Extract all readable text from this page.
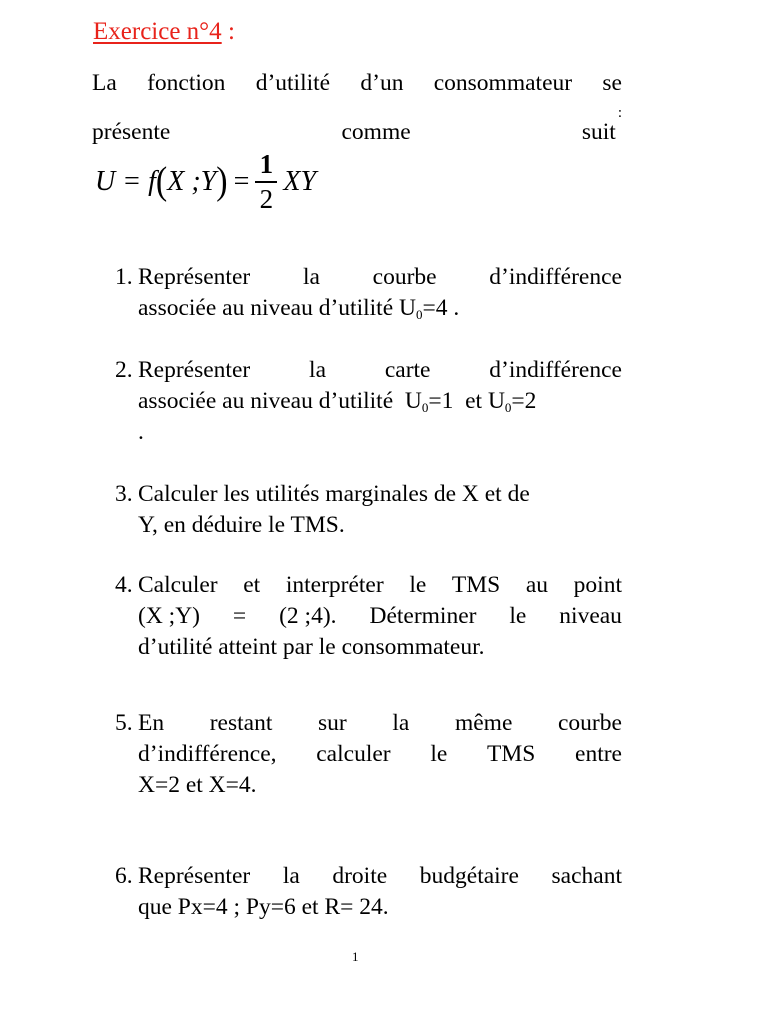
Exercice n°4 :
La fonction d’utilité d’un consommateur se
présente	comme	suit:
U = f ( X ;Y ) = $\frac{1}{2}$ XY
1. Représenter la courbe d’indifférence
associée au niveau d’utilité $U_0=4$ .
2. Représenter	la	carte	d’indifférence
associée au niveau d’utilité  $U_0=1$  et $U_0=2$
.
3. Calculer les utilités marginales de X et de
Y, en déduire le TMS.
4. Calculer et interpréter le TMS au point
(X ;Y) = (2 ;4). Déterminer le niveau
d’utilité atteint par le consommateur.
5. En restant sur la même courbe
d’indifférence, calculer le TMS entre
X=2 et X=4.
6. Représenter la droite budgétaire sachant
que Px=4 ; Py=6 et R= 24.
1
